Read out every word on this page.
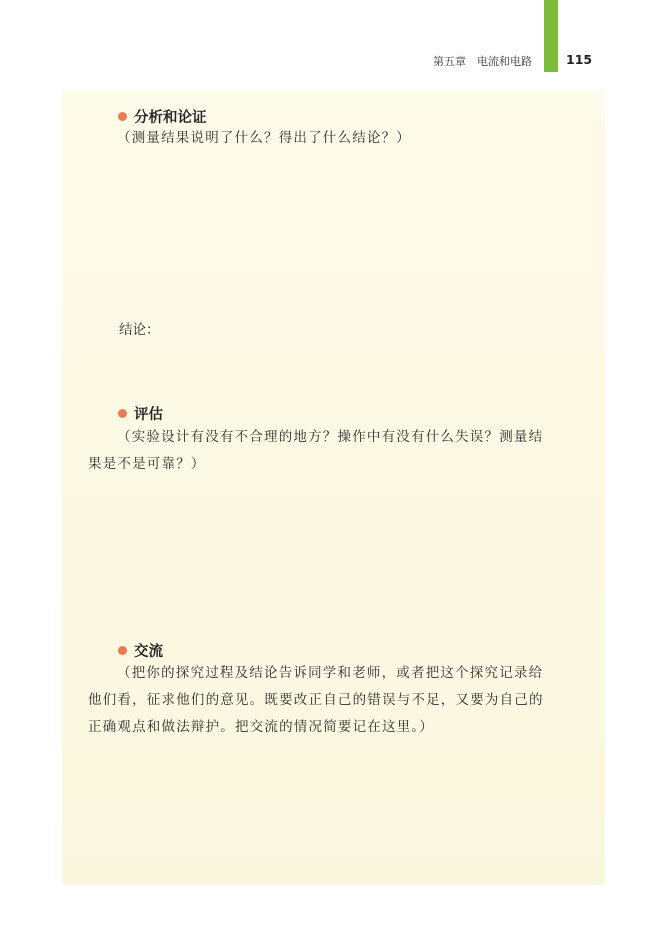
第五章　电流和电路	115
分析和论证
（测量结果说明了什么？得出了什么结论？）
结论：
评估
（实验设计有没有不合理的地方？操作中有没有什么失误？测量结
果是不是可靠？）
交流
（把你的探究过程及结论告诉同学和老师，或者把这个探究记录给
他们看，征求他们的意见。既要改正自己的错误与不足，又要为自己的
正确观点和做法辩护。把交流的情况简要记在这里。）
